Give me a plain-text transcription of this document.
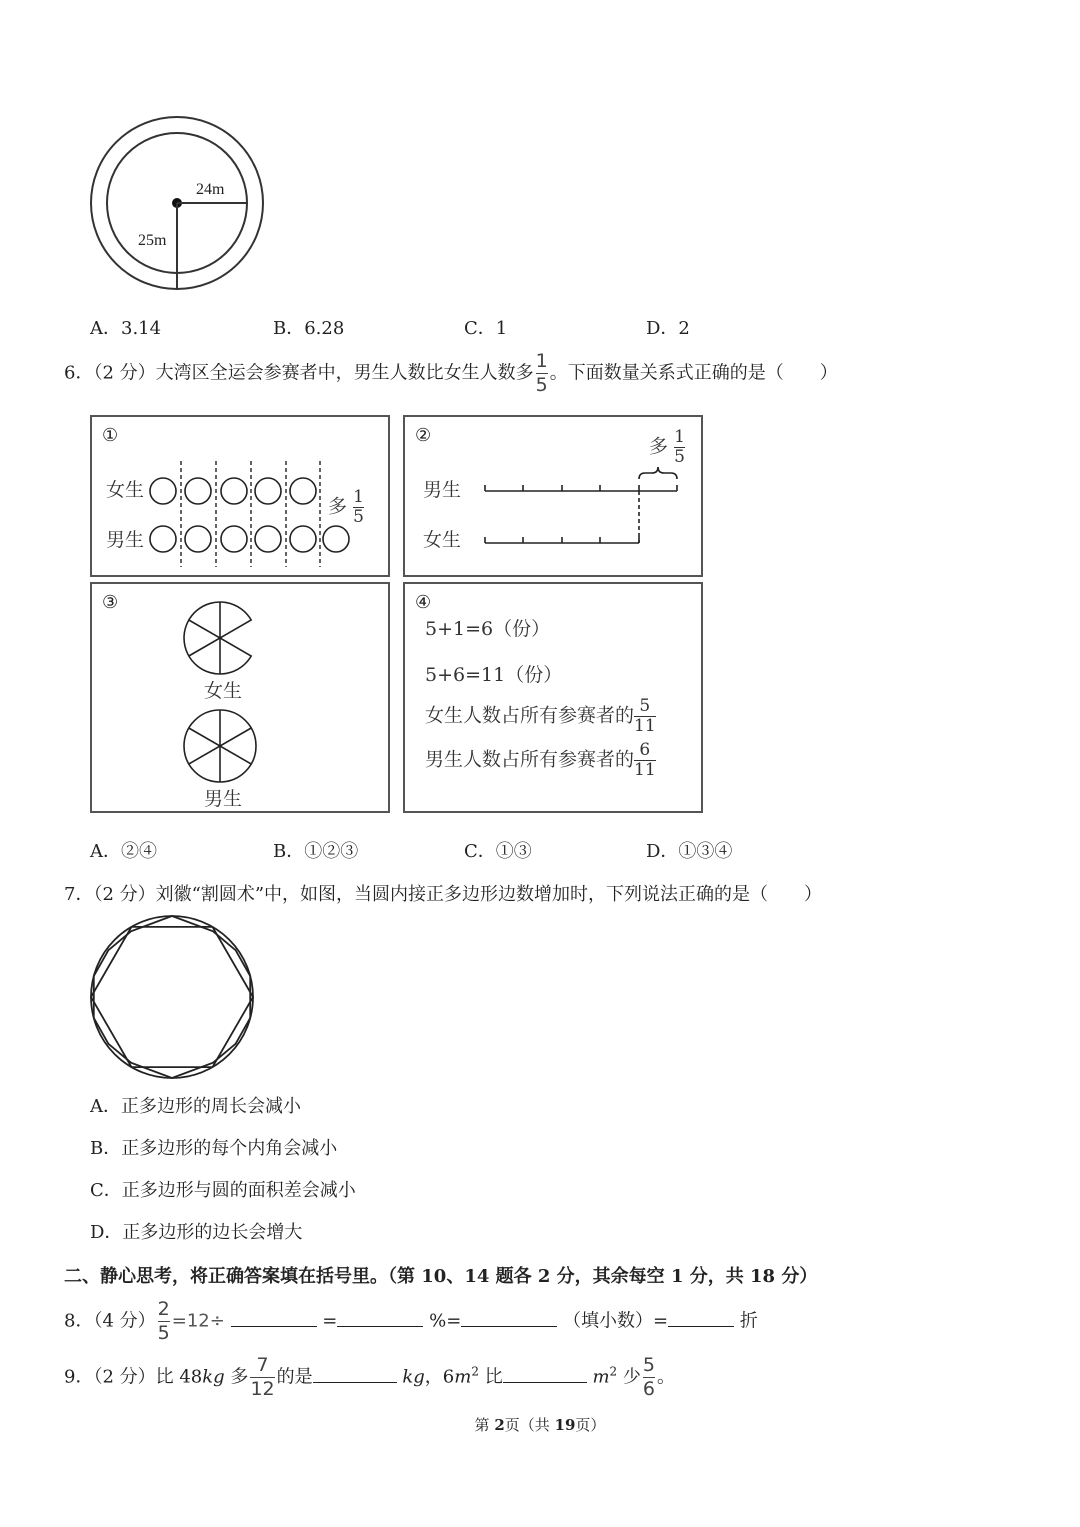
24m
25m
A．3.14	B．6.28	C．1	D．2
6．（2 分）大湾区全运会参赛者中，男生人数比女生人数多 $\frac{1}{5}$ 。下面数量关系式正确的是（　　）
①
女生
男生
多 $\frac{1}{5}$
②
男生
女生
多 $\frac{1}{5}$
③
女生
男生
④
5+1=6（份）
5+6=11（份）
女生人数占所有参赛者的$\frac{5}{11}$
男生人数占所有参赛者的$\frac{6}{11}$
A．②④	B．①②③	C．①③	D．①③④
7．（2 分）刘徽“割圆术”中，如图，当圆内接正多边形边数增加时，下列说法正确的是（　　）
A．正多边形的周长会减小
B．正多边形的每个内角会减小
C．正多边形与圆的面积差会减小
D．正多边形的边长会增大
二、静心思考，将正确答案填在括号里。（第 10、14 题各 2 分，其余每空 1 分，共 18 分）
8．（4 分） $\frac{2}{5} =12\div$	=	%=	（填小数）=	折
9．（2 分）比 48kg 多 $\frac{7}{12}$ 的是	kg，$6m^2$ 比	$m^2$ 少 $\frac{5}{6}$ 。
第 2页（共 19页）
